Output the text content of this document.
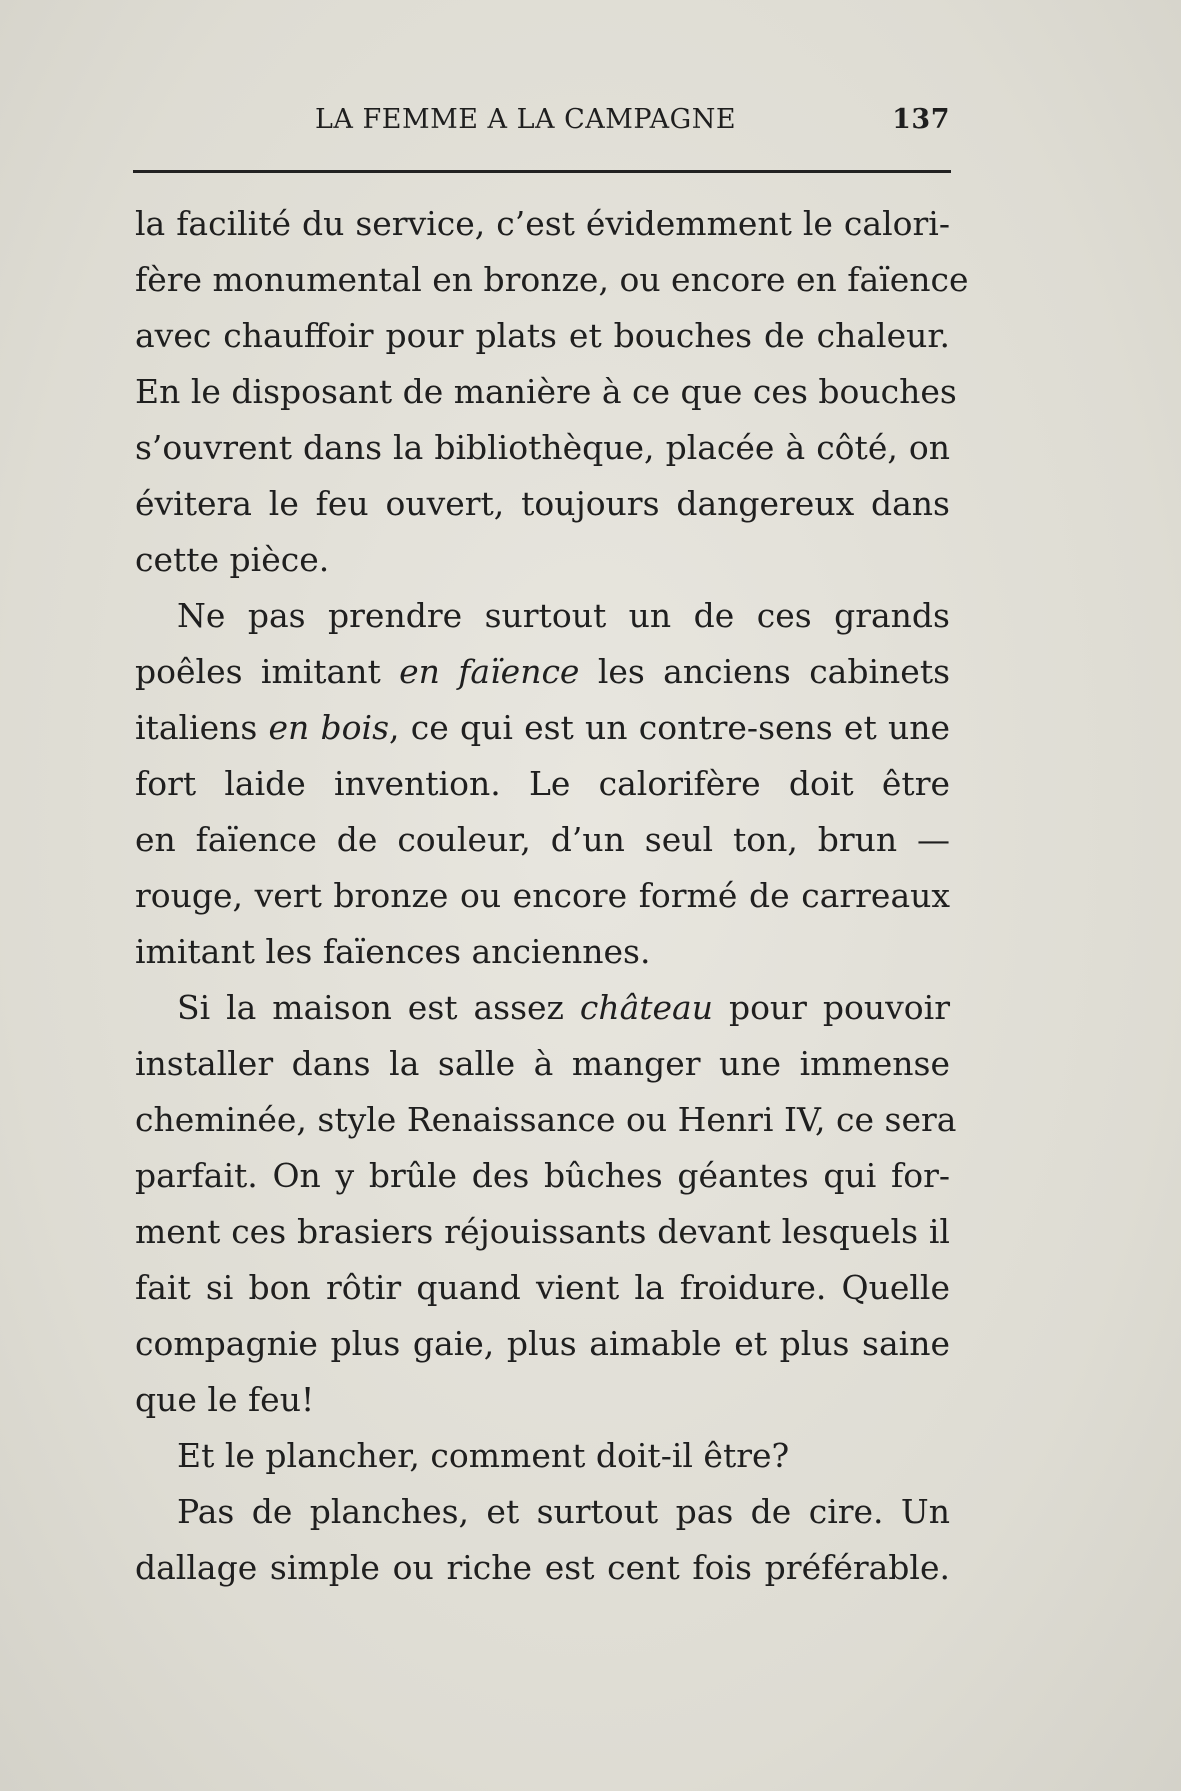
LA FEMME A LA CAMPAGNE	137
la facilité du service, c’est évidemment le calori-
fère monumental en bronze, ou encore en faïence
avec chauffoir pour plats et bouches de chaleur.
En le disposant de manière à ce que ces bouches
s’ouvrent dans la bibliothèque, placée à côté, on
évitera le feu ouvert, toujours dangereux dans
cette pièce.
Ne pas prendre surtout un de ces grands
poêles imitant en faïence les anciens cabinets
italiens en bois, ce qui est un contre-sens et une
fort laide invention. Le calorifère doit être
en faïence de couleur, d’un seul ton, brun —
rouge, vert bronze ou encore formé de carreaux
imitant les faïences anciennes.
Si la maison est assez château pour pouvoir
installer dans la salle à manger une immense
cheminée, style Renaissance ou Henri IV, ce sera
parfait. On y brûle des bûches géantes qui for-
ment ces brasiers réjouissants devant lesquels il
fait si bon rôtir quand vient la froidure. Quelle
compagnie plus gaie, plus aimable et plus saine
que le feu!
Et le plancher, comment doit-il être?
Pas de planches, et surtout pas de cire. Un
dallage simple ou riche est cent fois préférable.
